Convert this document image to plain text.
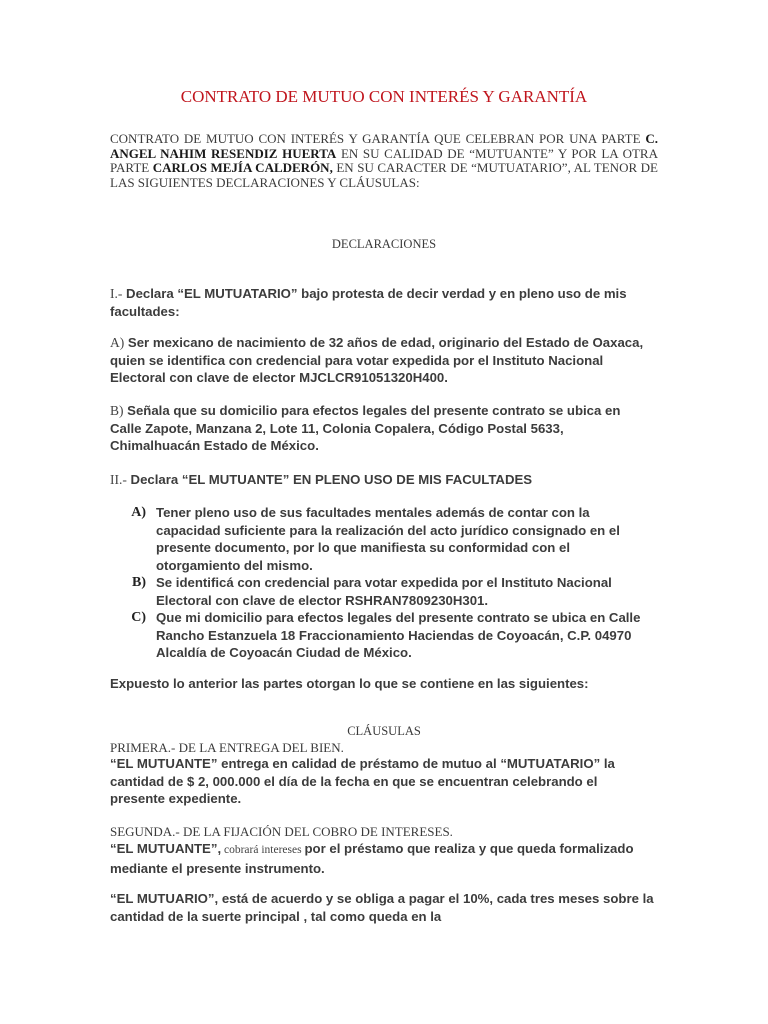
CONTRATO DE MUTUO CON INTERÉS Y GARANTÍA
CONTRATO DE MUTUO CON INTERÉS Y GARANTÍA QUE CELEBRAN POR UNA PARTE C. ANGEL NAHIM RESENDIZ HUERTA EN SU CALIDAD DE “MUTUANTE” Y POR LA OTRA PARTE CARLOS MEJÍA CALDERÓN, EN SU CARACTER DE “MUTUATARIO”, AL TENOR DE LAS SIGUIENTES DECLARACIONES Y CLÁUSULAS:
DECLARACIONES
I.- Declara “EL MUTUATARIO” bajo protesta de decir verdad y en pleno uso de mis facultades:
A) Ser mexicano de nacimiento de 32 años de edad, originario del Estado de Oaxaca, quien se identifica con credencial para votar expedida por el Instituto Nacional Electoral con clave de elector MJCLCR91051320H400.
B) Señala que su domicilio para efectos legales del presente contrato se ubica en Calle Zapote, Manzana 2, Lote 11, Colonia Copalera, Código Postal 5633, Chimalhuacán Estado de México.
II.- Declara “EL MUTUANTE” EN PLENO USO DE MIS FACULTADES
A) Tener pleno uso de sus facultades mentales además de contar con la capacidad suficiente para la realización del acto jurídico consignado en el presente documento, por lo que manifiesta su conformidad con el otorgamiento del mismo.
B) Se identificá con credencial para votar expedida por el Instituto Nacional Electoral con clave de elector RSHRAN7809230H301.
C) Que mi domicilio para efectos legales del presente contrato se ubica en Calle Rancho Estanzuela 18 Fraccionamiento Haciendas de Coyoacán, C.P. 04970 Alcaldía de Coyoacán Ciudad de México.
Expuesto lo anterior las partes otorgan lo que se contiene en las siguientes:
CLÁUSULAS
PRIMERA.- DE LA ENTREGA DEL BIEN.
“EL MUTUANTE” entrega en calidad de préstamo de mutuo al “MUTUATARIO” la cantidad de $ 2, 000.000 el día de la fecha en que se encuentran celebrando el presente expediente.
SEGUNDA.- DE LA FIJACIÓN DEL COBRO DE INTERESES.
“EL MUTUANTE”, cobrará intereses por el préstamo que realiza y que queda formalizado mediante el presente instrumento.
“EL MUTUARIO”, está de acuerdo y se obliga a pagar el 10%, cada tres meses sobre la cantidad de la suerte principal , tal como queda en la
